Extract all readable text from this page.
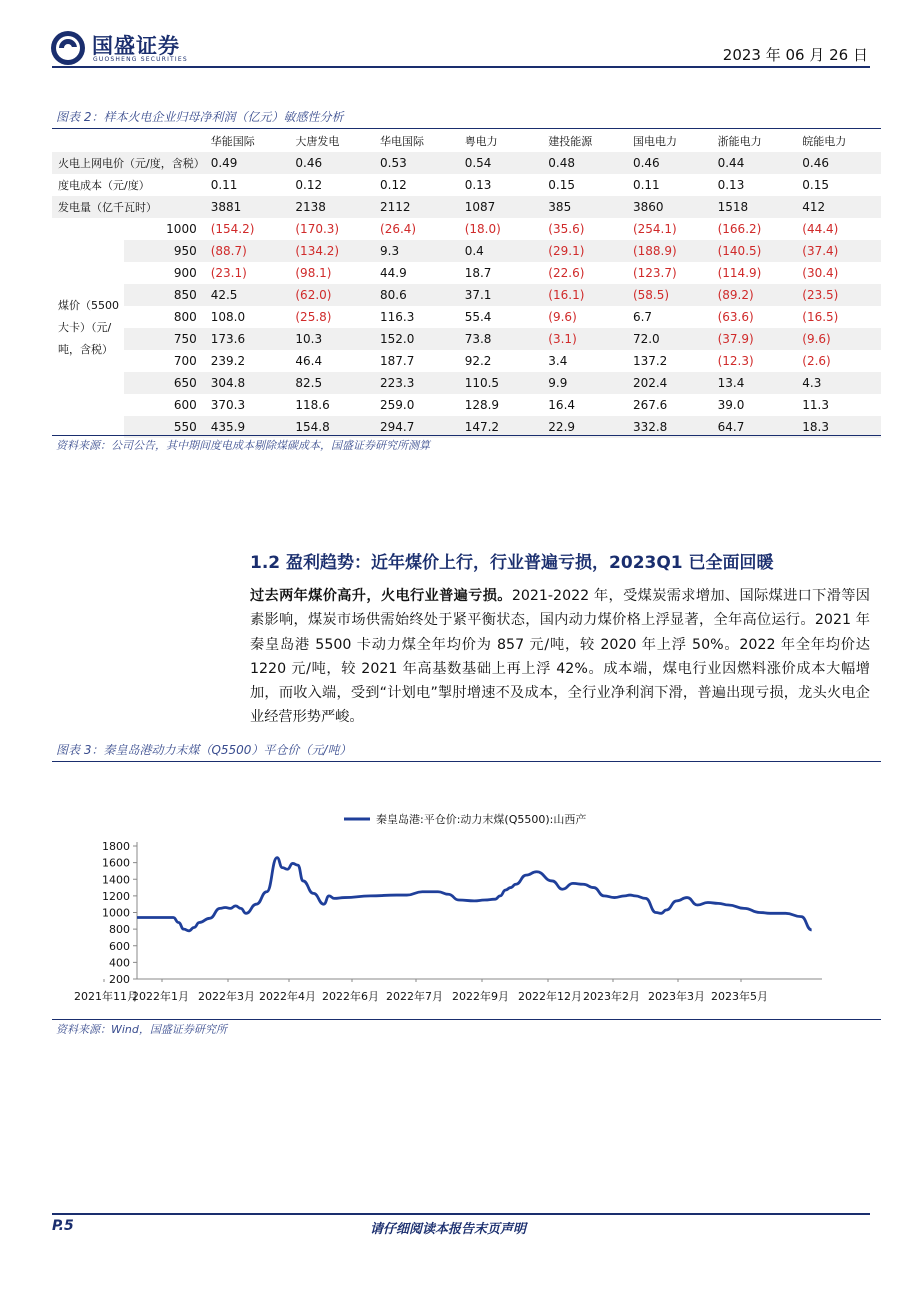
国盛证券
GUOSHENG SECURITIES	2023 年 06 月 26 日
图表 2：样本火电企业归母净利润（亿元）敏感性分析
		华能国际	大唐发电	华电国际	粤电力	建投能源	国电电力	浙能电力	皖能电力
火电上网电价（元/度，含税）		0.49	0.46	0.53	0.54	0.48	0.46	0.44	0.46
度电成本（元/度）		0.11	0.12	0.12	0.13	0.15	0.11	0.13	0.15
发电量（亿千瓦时）		3881	2138	2112	1087	385	3860	1518	412
煤价（5500大卡）（元/吨，含税）	1000	(154.2)	(170.3)	(26.4)	(18.0)	(35.6)	(254.1)	(166.2)	(44.4)
	950	(88.7)	(134.2)	9.3	0.4	(29.1)	(188.9)	(140.5)	(37.4)
	900	(23.1)	(98.1)	44.9	18.7	(22.6)	(123.7)	(114.9)	(30.4)
	850	42.5	(62.0)	80.6	37.1	(16.1)	(58.5)	(89.2)	(23.5)
	800	108.0	(25.8)	116.3	55.4	(9.6)	6.7	(63.6)	(16.5)
	750	173.6	10.3	152.0	73.8	(3.1)	72.0	(37.9)	(9.6)
	700	239.2	46.4	187.7	92.2	3.4	137.2	(12.3)	(2.6)
	650	304.8	82.5	223.3	110.5	9.9	202.4	13.4	4.3
	600	370.3	118.6	259.0	128.9	16.4	267.6	39.0	11.3
	550	435.9	154.8	294.7	147.2	22.9	332.8	64.7	18.3
资料来源：公司公告，其中期间度电成本剔除煤碳成本，国盛证券研究所测算
1.2 盈利趋势：近年煤价上行，行业普遍亏损，2023Q1 已全面回暖
过去两年煤价高升，火电行业普遍亏损。2021-2022 年，受煤炭需求增加、国际煤进口下滑等因素影响，煤炭市场供需始终处于紧平衡状态，国内动力煤价格上浮显著，全年高位运行。2021 年秦皇岛港 5500 卡动力煤全年均价为 857 元/吨，较 2020 年上浮 50%。2022 年全年均价达 1220 元/吨，较 2021 年高基数基础上再上浮 42%。成本端，煤电行业因燃料涨价成本大幅增加，而收入端，受到“计划电”掣肘增速不及成本，全行业净利润下滑，普遍出现亏损，龙头火电企业经营形势严峻。
图表 3：秦皇岛港动力末煤（Q5500）平仓价（元/吨）
秦皇岛港:平仓价:动力末煤(Q5500):山西产
200
400
600
800
1000
1200
1400
1600
1800
2021年11月
2022年1月 2022年3月 2022年4月 2022年6月 2022年7月 2022年9月 2022年12月 2023年2月 2023年3月 2023年5月
资料来源：Wind，国盛证券研究所
P.5	请仔细阅读本报告末页声明
